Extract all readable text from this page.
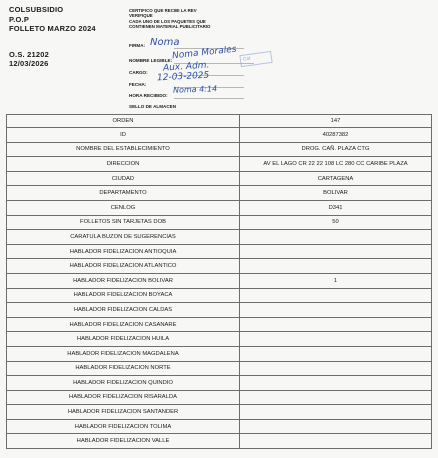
COLSUBSIDIO
P.O.P
FOLLETO MARZO 2024
O.S. 21202
12/03/2026
CERTIFICO QUE RECIBI LA REV
VERIFIQUE
CADA UNO DE LOS PAQUETES QUE
CONTIENEN MATERIAL PUBLICITARIO
FIRMA: Noma
NOMBRE LEGIBLE: Noma Morales	Col
CARGO: Aux. Adm.
FECHA:
12-03-2025
HORA RECIBIDO:
Noma 4:14
SELLO DE ALMACEN
ORDEN	147
ID	40287382
NOMBRE DEL ESTABLECIMIENTO	DROG. CAÑ. PLAZA CTG
DIRECCION	AV EL LAGO CR 22 22 108 LC 280 CC CARIBE PLAZA
CIUDAD	CARTAGENA
DEPARTAMENTO	BOLIVAR
CENLOG	D341
FOLLETOS SIN TARJETAS DOB	50
CARATULA BUZON DE SUGERENCIAS	
HABLADOR FIDELIZACION ANTIOQUIA	
HABLADOR FIDELIZACION ATLANTICO	
HABLADOR FIDELIZACION BOLIVAR	1
HABLADOR FIDELIZACION BOYACA	
HABLADOR FIDELIZACION CALDAS	
HABLADOR FIDELIZACION CASANARE	
HABLADOR FIDELIZACION HUILA	
HABLADOR FIDELIZACION MAGDALENA	
HABLADOR FIDELIZACION NORTE	
HABLADOR FIDELIZACION QUINDIO	
HABLADOR FIDELIZACION RISARALDA	
HABLADOR FIDELIZACION SANTANDER	
HABLADOR FIDELIZACION TOLIMA	
HABLADOR FIDELIZACION VALLE	
